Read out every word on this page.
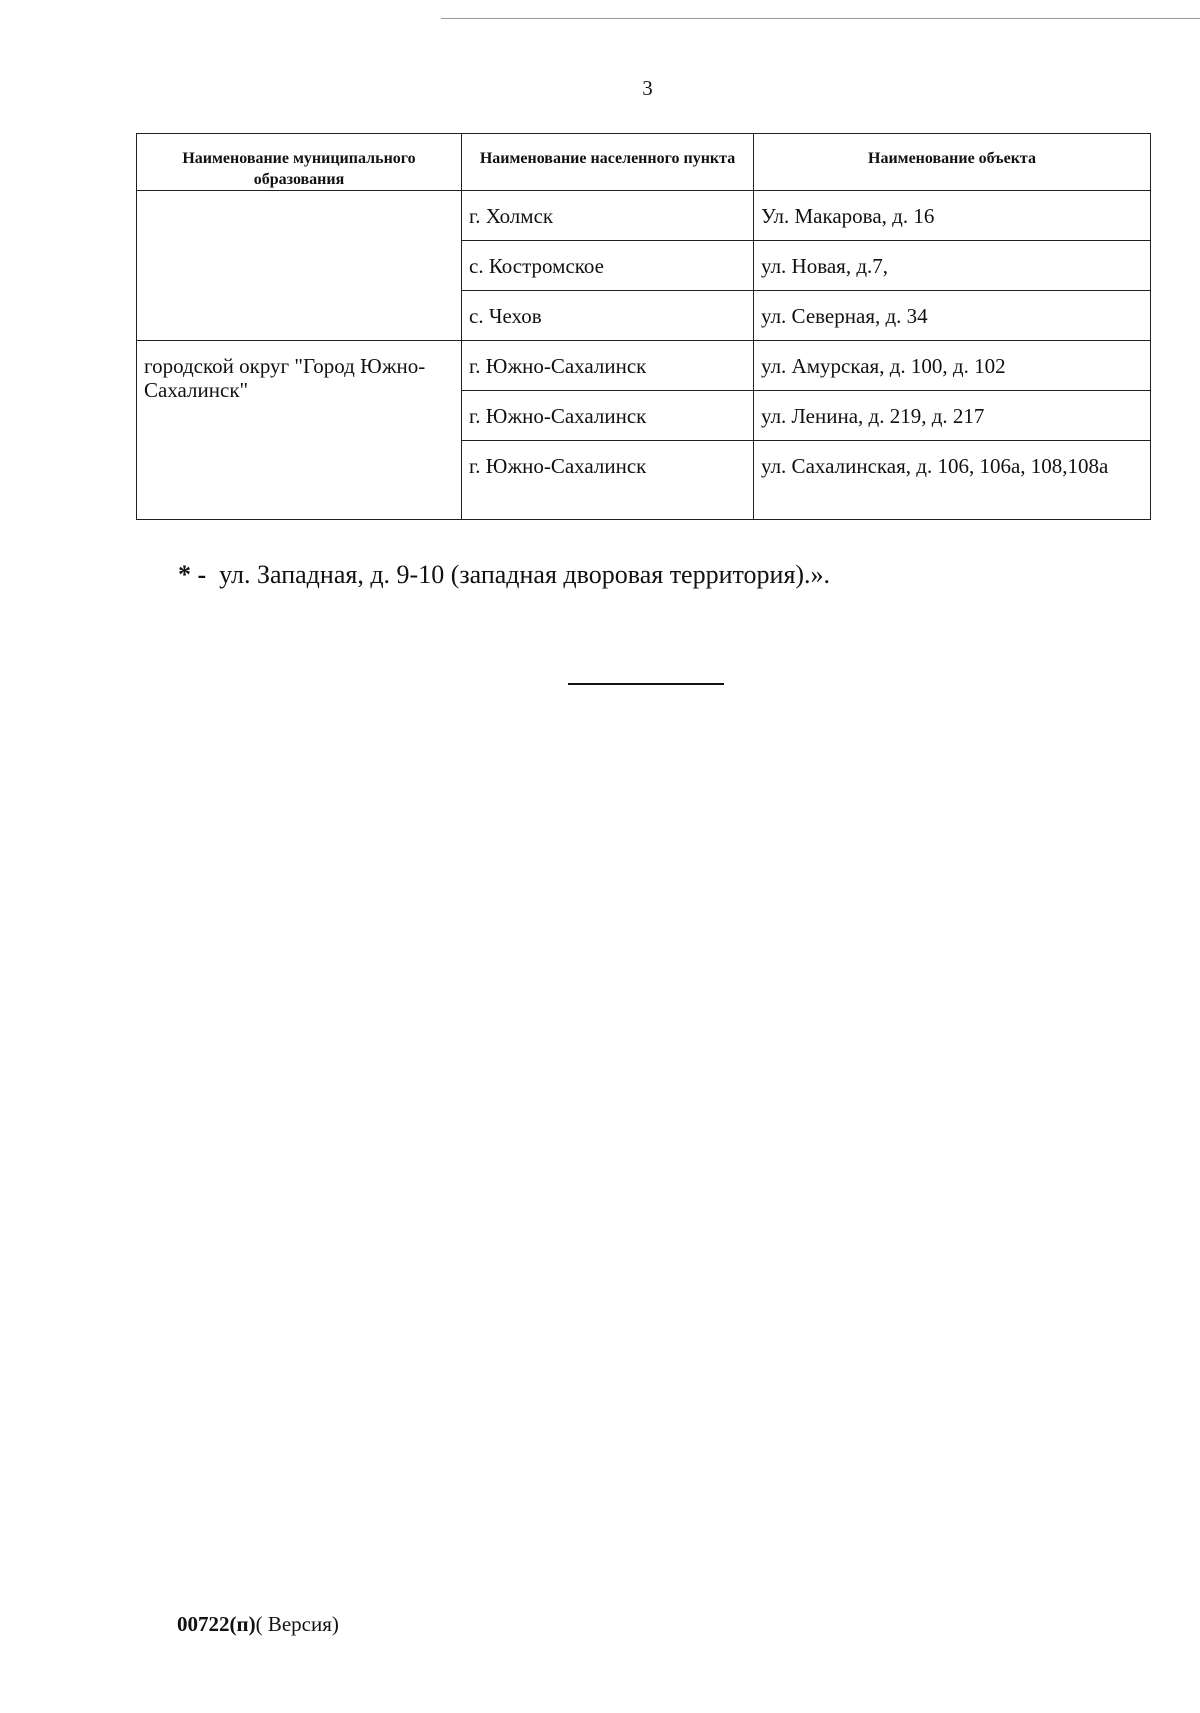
3
Наименование муниципального образования	Наименование населенного пункта	Наименование объекта
	г. Холмск	Ул. Макарова, д. 16
	с. Костромское	ул. Новая, д.7,
	с. Чехов	ул. Северная, д. 34
городской округ "Город Южно-Сахалинск"	г. Южно-Сахалинск	ул. Амурская, д. 100, д. 102
	г. Южно-Сахалинск	ул. Ленина, д. 219, д. 217
	г. Южно-Сахалинск	ул. Сахалинская, д. 106, 106а, 108,108а
* - ул. Западная, д. 9-10 (западная дворовая территория).».
00722(п)( Версия)
